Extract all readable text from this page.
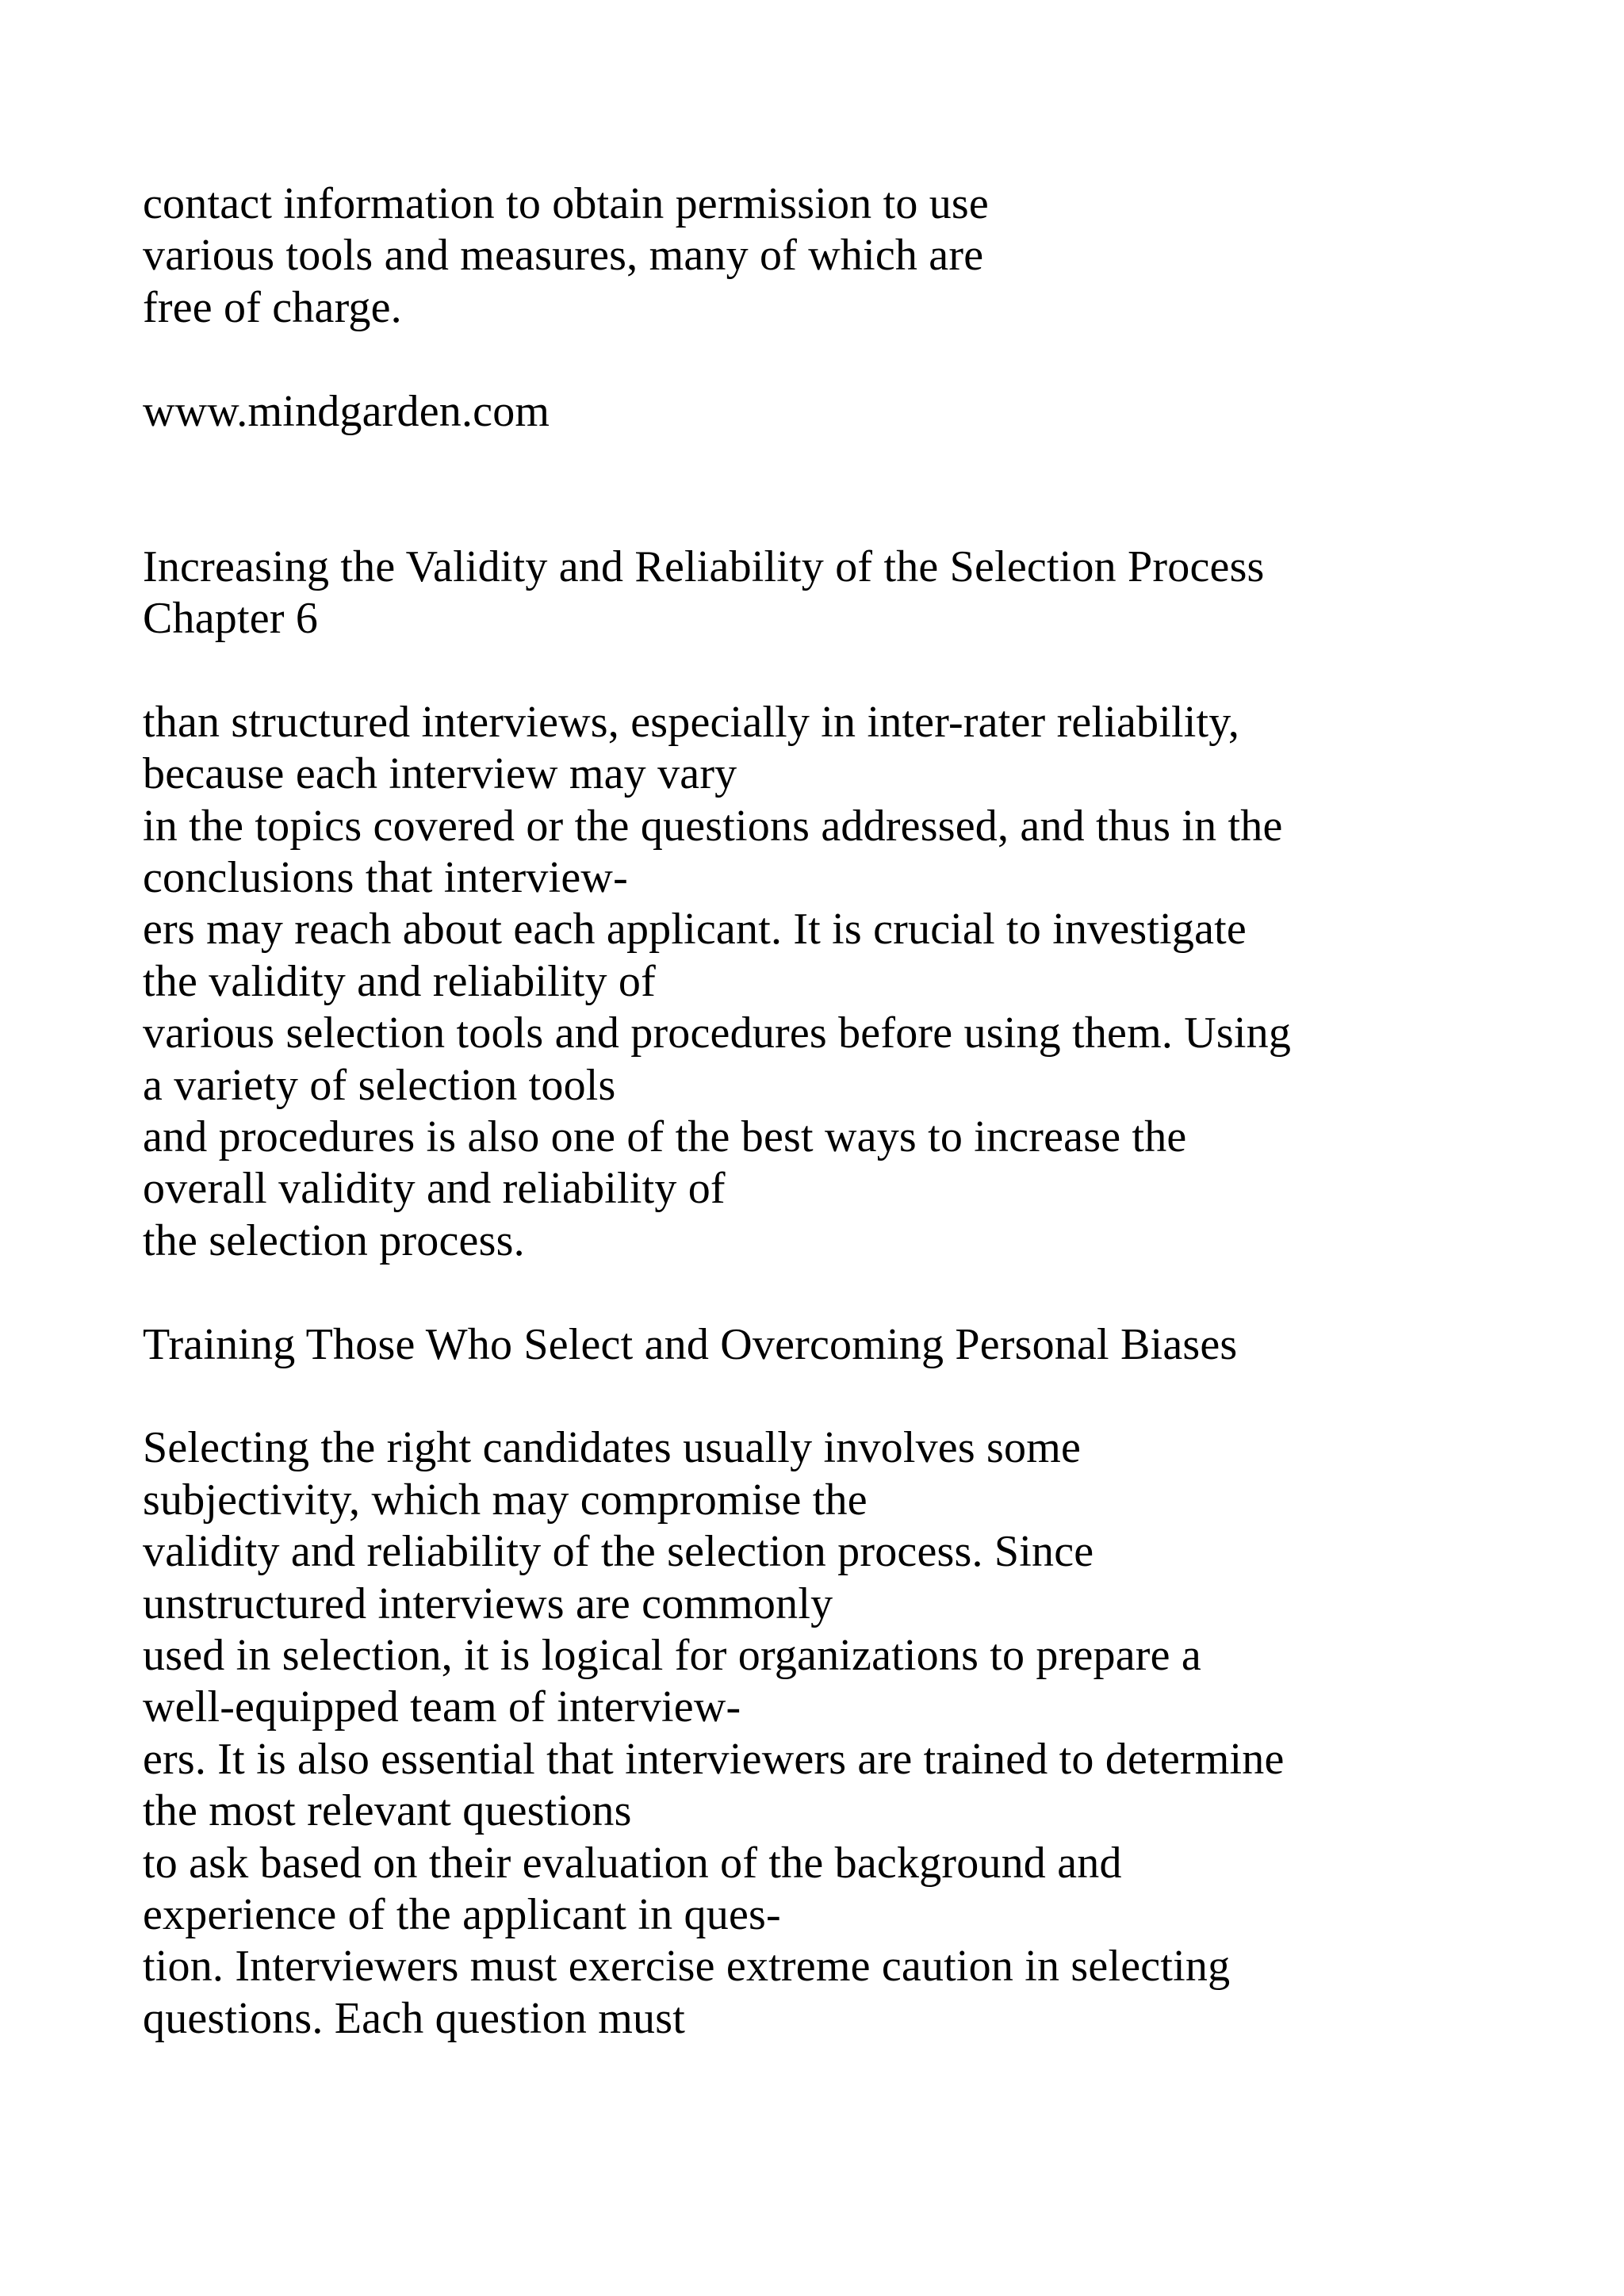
contact information to obtain permission to use
various tools and measures, many of which are
free of charge.
www.mindgarden.com
Increasing the Validity and Reliability of the Selection Process
Chapter 6
than structured interviews, especially in inter-rater reliability,
because each interview may vary
in the topics covered or the questions addressed, and thus in the
conclusions that interview-
ers may reach about each applicant. It is crucial to investigate
the validity and reliability of
various selection tools and procedures before using them. Using
a variety of selection tools
and procedures is also one of the best ways to increase the
overall validity and reliability of
the selection process.
Training Those Who Select and Overcoming Personal Biases
Selecting the right candidates usually involves some
subjectivity, which may compromise the
validity and reliability of the selection process. Since
unstructured interviews are commonly
used in selection, it is logical for organizations to prepare a
well-equipped team of interview-
ers. It is also essential that interviewers are trained to determine
the most relevant questions
to ask based on their evaluation of the background and
experience of the applicant in ques-
tion. Interviewers must exercise extreme caution in selecting
questions. Each question must
